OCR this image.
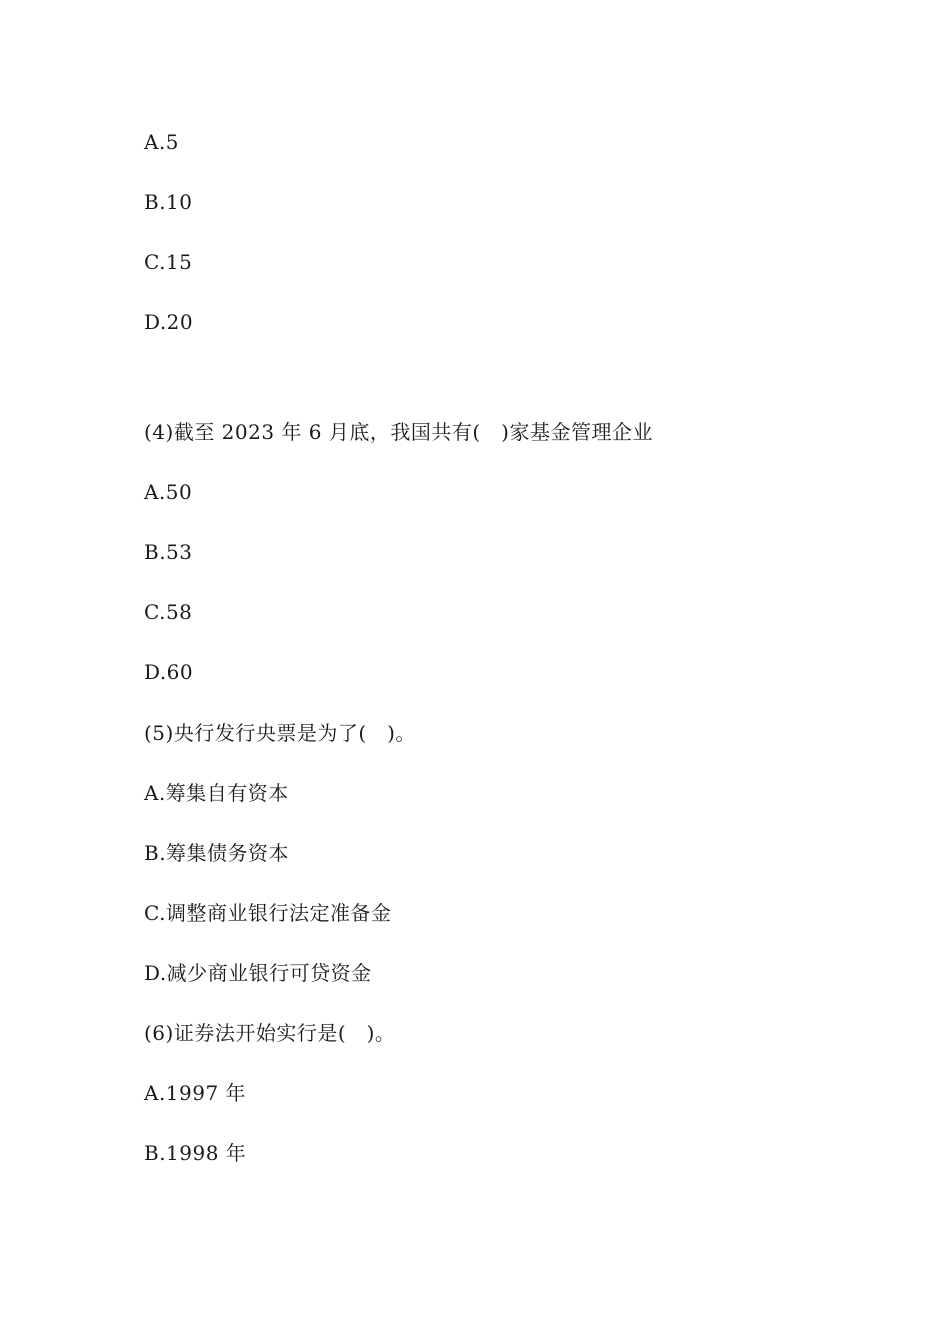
A.5
B.10
C.15
D.20
(4)截至 2023 年 6 月底，我国共有(　)家基金管理企业
A.50
B.53
C.58
D.60
(5)央行发行央票是为了(　)。
A.筹集自有资本
B.筹集债务资本
C.调整商业银行法定准备金
D.减少商业银行可贷资金
(6)证券法开始实行是(　)。
A.1997 年
B.1998 年
